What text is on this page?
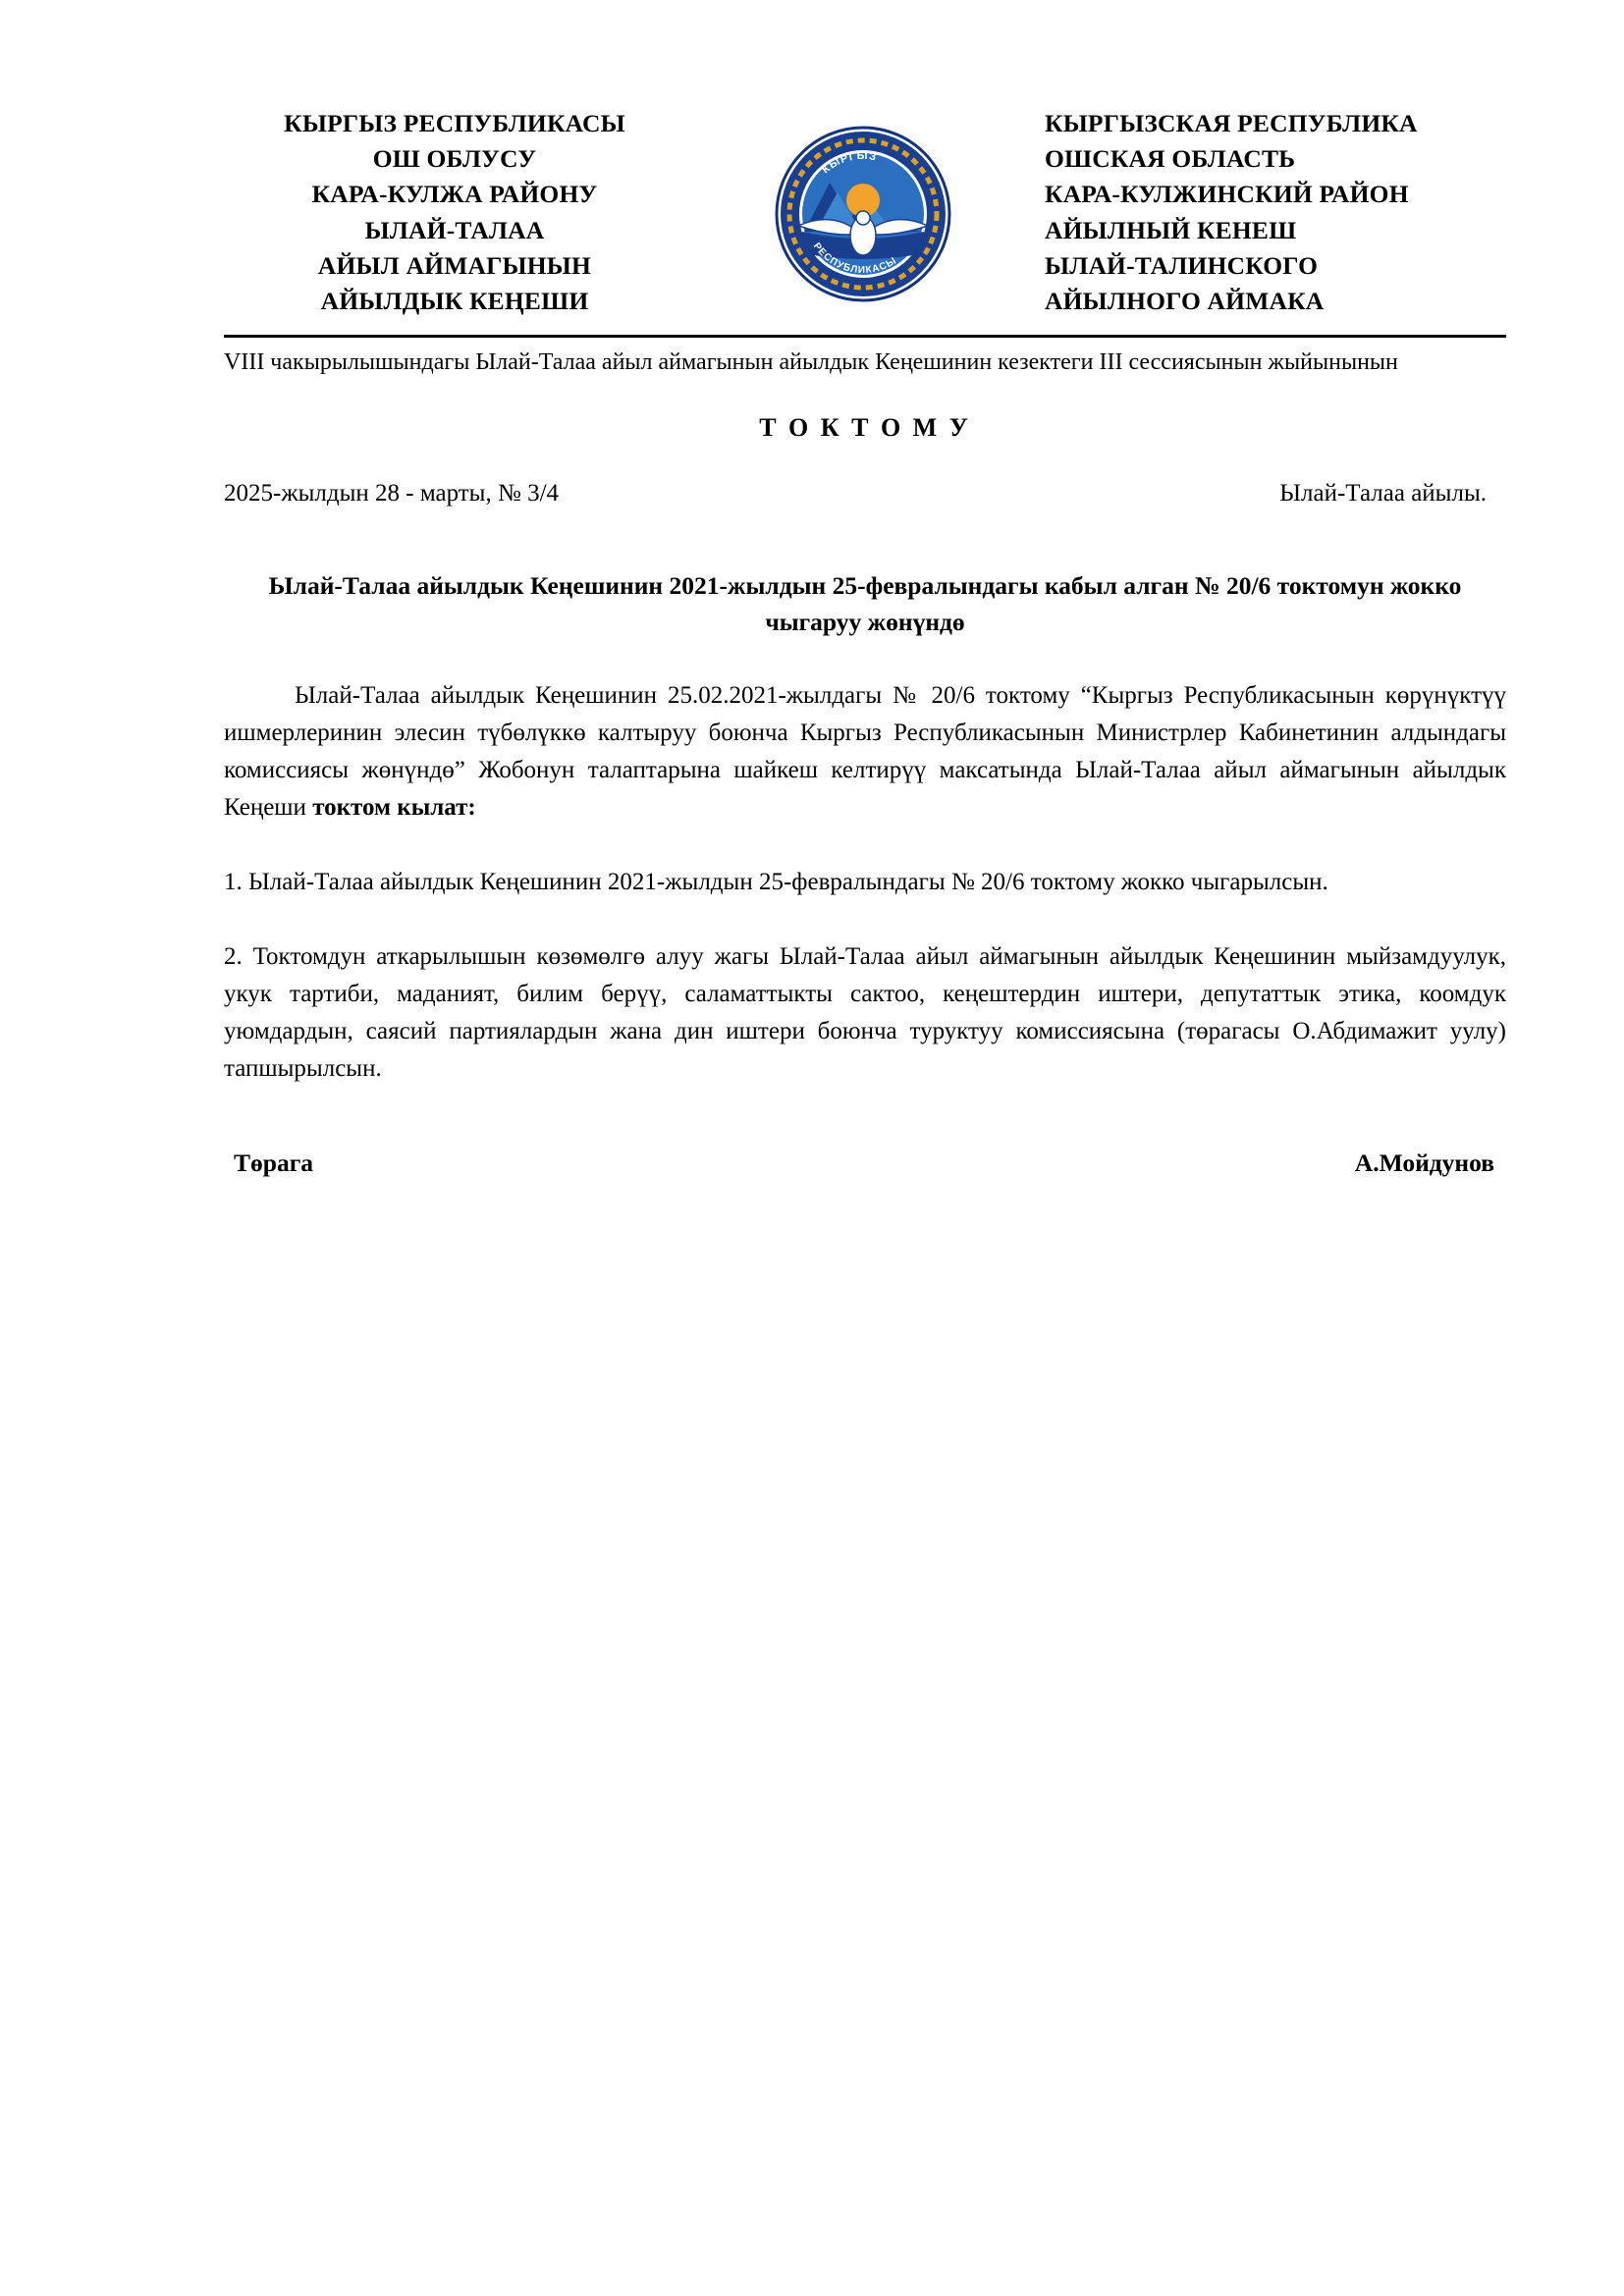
КЫРГЫЗ РЕСПУБЛИКАСЫ
ОШ ОБЛУСУ
КАРА-КУЛЖА РАЙОНУ
ЫЛАЙ-ТАЛАА
АЙЫЛ АЙМАГЫНЫН
АЙЫЛДЫК КЕҢЕШИ
КЫРГЫЗ
РЕСПУБЛИКАСЫ
КЫРГЫЗСКАЯ РЕСПУБЛИКА
ОШСКАЯ ОБЛАСТЬ
КАРА-КУЛЖИНСКИЙ РАЙОН
АЙЫЛНЫЙ КЕНЕШ
ЫЛАЙ-ТАЛИНСКОГО
АЙЫЛНОГО АЙМАКА
VIII чакырылышындагы Ылай-Талаа айыл аймагынын айылдык Кеңешинин кезектеги III сессиясынын жыйынынын
Т О К Т О М У
2025-жылдын 28 - марты, № 3/4	Ылай-Талаа айылы.
Ылай-Талаа айылдык Кеңешинин 2021-жылдын 25-февралындагы кабыл алган № 20/6 токтомун жокко чыгаруу жөнүндө
Ылай-Талаа айылдык Кеңешинин 25.02.2021-жылдагы № 20/6 токтому “Кыргыз Республикасынын көрүнүктүү ишмерлеринин элесин түбөлүккө калтыруу боюнча Кыргыз Республикасынын Министрлер Кабинетинин алдындагы комиссиясы жөнүндө” Жобонун талаптарына шайкеш келтирүү максатында Ылай-Талаа айыл аймагынын айылдык Кеңеши токтом кылат:
1. Ылай-Талаа айылдык Кеңешинин 2021-жылдын 25-февралындагы № 20/6 токтому жокко чыгарылсын.
2. Токтомдун аткарылышын көзөмөлгө алуу жагы Ылай-Талаа айыл аймагынын айылдык Кеңешинин мыйзамдуулук, укук тартиби, маданият, билим берүү, саламаттыкты сактоо, кеңештердин иштери, депутаттык этика, коомдук уюмдардын, саясий партиялардын жана дин иштери боюнча туруктуу комиссиясына (төрагасы О.Абдимажит уулу) тапшырылсын.
Төрага	А.Мойдунов
